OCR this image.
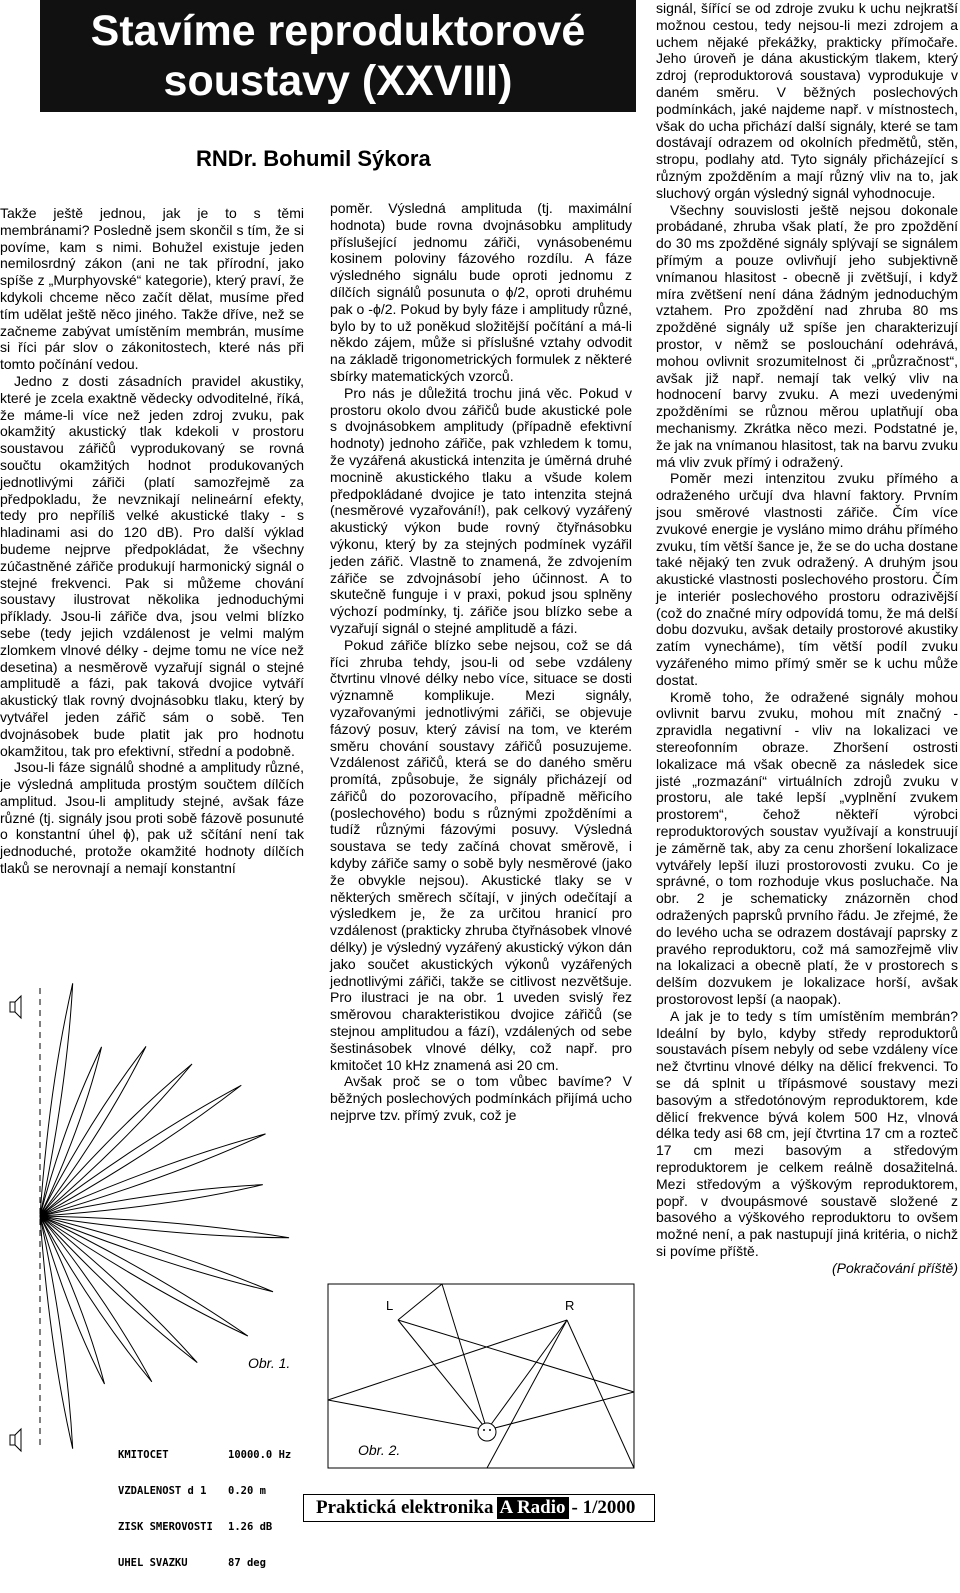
Stavíme reproduktorové
soustavy (XXVIII)
RNDr. Bohumil Sýkora

Takže ještě jednou, jak je to s těmi membránami? Posledně jsem skončil s tím, že si povíme, kam s nimi. Bohužel existuje jeden nemilosrdný zákon (ani ne tak přírodní, jako spíše z „Murphyovské“ kategorie), který praví, že kdykoli chceme něco začít dělat, musíme před tím udělat ještě něco jiného. Takže dříve, než se začneme zabývat umístěním membrán, musíme si říci pár slov o zákonitostech, které nás při tomto počínání vedou.

Jedno z dosti zásadních pravidel akustiky, které je zcela exaktně vědecky odvoditelné, říká, že máme-li více než jeden zdroj zvuku, pak okamžitý akustický tlak kdekoli v prostoru soustavou zářičů vyprodukovaný se rovná součtu okamžitých hodnot produkovaných jednotlivými zářiči (platí samozřejmě za předpokladu, že nevznikají nelineární efekty, tedy pro nepříliš velké akustické tlaky - s hladinami asi do 120 dB). Pro další výklad budeme nejprve předpokládat, že všechny zúčastněné zářiče produkují harmonický signál o stejné frekvenci. Pak si můžeme chování soustavy ilustrovat několika jednoduchými příklady. Jsou-li zářiče dva, jsou velmi blízko sebe (tedy jejich vzdálenost je velmi malým zlomkem vlnové délky - dejme tomu ne více než desetina) a nesměrově vyzařují signál o stejné amplitudě a fázi, pak taková dvojice vytváří akustický tlak rovný dvojnásobku tlaku, který by vytvářel jeden zářič sám o sobě. Ten dvojnásobek bude platit jak pro hodnotu okamžitou, tak pro efektivní, střední a podobně.

Jsou-li fáze signálů shodné a amplitudy různé, je výsledná amplituda prostým součtem dílčích amplitud. Jsou-li amplitudy stejné, avšak fáze různé (tj. signály jsou proti sobě fázově posunuté o konstantní úhel ϕ), pak už sčítání není tak jednoduché, protože okamžité hodnoty dílčích tlaků se nerovnají a nemají konstantní

poměr. Výsledná amplituda (tj. maximální hodnota) bude rovna dvojnásobku amplitudy příslušející jednomu zářiči, vynásobenému kosinem poloviny fázového rozdílu. A fáze výsledného signálu bude oproti jednomu z dílčích signálů posunuta o ϕ/2, oproti druhému pak o -ϕ/2. Pokud by byly fáze i amplitudy různé, bylo by to už poněkud složitější počítání a má-li někdo zájem, může si příslušné vztahy odvodit na základě trigonometrických formulek z některé sbírky matematických vzorců.

Pro nás je důležitá trochu jiná věc. Pokud v prostoru okolo dvou zářičů bude akustické pole s dvojnásobkem amplitudy (případně efektivní hodnoty) jednoho zářiče, pak vzhledem k tomu, že vyzářená akustická intenzita je úměrná druhé mocnině akustického tlaku a všude kolem předpokládané dvojice je tato intenzita stejná (nesměrové vyzařování!), pak celkový vyzářený akustický výkon bude rovný čtyřnásobku výkonu, který by za stejných podmínek vyzářil jeden zářič. Vlastně to znamená, že zdvojením zářiče se zdvojnásobí jeho účinnost. A to skutečně funguje i v praxi, pokud jsou splněny výchozí podmínky, tj. zářiče jsou blízko sebe a vyzařují signál o stejné amplitudě a fázi.

Pokud zářiče blízko sebe nejsou, což se dá říci zhruba tehdy, jsou-li od sebe vzdáleny čtvrtinu vlnové délky nebo více, situace se dosti významně komplikuje. Mezi signály, vyzařovanými jednotlivými zářiči, se objevuje fázový posuv, který závisí na tom, ve kterém směru chování soustavy zářičů posuzujeme. Vzdálenost zářičů, která se do daného směru promítá, způsobuje, že signály přicházejí od zářičů do pozorovacího, případně měřicího (poslechového) bodu s různými zpožděními a tudíž různými fázovými posuvy. Výsledná soustava se tedy začíná chovat směrově, i kdyby zářiče samy o sobě byly nesměrové (jako že obvykle nejsou). Akustické tlaky se v některých směrech sčítají, v jiných odečítají a výsledkem je, že za určitou hranicí pro vzdálenost (prakticky zhruba čtyřnásobek vlnové délky) je výsledný vyzářený akustický výkon dán jako součet akustických výkonů vyzářených jednotlivými zářiči, takže se citlivost nezvětšuje. Pro ilustraci je na obr. 1 uveden svislý řez směrovou charakteristikou dvojice zářičů (se stejnou amplitudou a fází), vzdálených od sebe šestinásobek vlnové délky, což např. pro kmitočet 10 kHz znamená asi 20 cm.

Avšak proč se o tom vůbec bavíme? V běžných poslechových podmínkách přijímá ucho nejprve tzv. přímý zvuk, což je

signál, šířící se od zdroje zvuku k uchu nejkratší možnou cestou, tedy nejsou-li mezi zdrojem a uchem nějaké překážky, prakticky přímočaře. Jeho úroveň je dána akustickým tlakem, který zdroj (reproduktorová soustava) vyprodukuje v daném směru. V běžných poslechových podmínkách, jaké najdeme např. v místnostech, však do ucha přichází další signály, které se tam dostávají odrazem od okolních předmětů, stěn, stropu, podlahy atd. Tyto signály přicházející s různým zpožděním a mají různý vliv na to, jak sluchový orgán výsledný signál vyhodnocuje.

Všechny souvislosti ještě nejsou dokonale probádané, zhruba však platí, že pro zpoždění do 30 ms zpožděné signály splývají se signálem přímým a pouze ovlivňují jeho subjektivně vnímanou hlasitost - obecně ji zvětšují, i když míra zvětšení není dána žádným jednoduchým vztahem. Pro zpoždění nad zhruba 80 ms zpožděné signály už spíše jen charakterizují prostor, v němž se poslouchání odehrává, mohou ovlivnit srozumitelnost či „průzračnost“, avšak již např. nemají tak velký vliv na hodnocení barvy zvuku. A mezi uvedenými zpožděními se různou měrou uplatňují oba mechanismy. Zkrátka něco mezi. Podstatné je, že jak na vnímanou hlasitost, tak na barvu zvuku má vliv zvuk přímý i odražený.

Poměr mezi intenzitou zvuku přímého a odraženého určují dva hlavní faktory. Prvním jsou směrové vlastnosti zářiče. Čím více zvukové energie je vysláno mimo dráhu přímého zvuku, tím větší šance je, že se do ucha dostane také nějaký ten zvuk odražený. A druhým jsou akustické vlastnosti poslechového prostoru. Čím je interiér poslechového prostoru odrazivější (což do značné míry odpovídá tomu, že má delší dobu dozvuku, avšak detaily prostorové akustiky zatím vynecháme), tím větší podíl zvuku vyzářeného mimo přímý směr se k uchu může dostat.

Kromě toho, že odražené signály mohou ovlivnit barvu zvuku, mohou mít značný - zpravidla negativní - vliv na lokalizaci ve stereofonním obraze. Zhoršení ostrosti lokalizace má však obecně za následek sice jisté „rozmazání“ virtuálních zdrojů zvuku v prostoru, ale také lepší „vyplnění zvukem prostorem“, čehož někteří výrobci reproduktorových soustav využívají a konstruují je záměrně tak, aby za cenu zhoršení lokalizace vytvářely lepší iluzi prostorovosti zvuku. Co je správné, o tom rozhoduje vkus posluchače. Na obr. 2 je schematicky znázorněn chod odražených paprsků prvního řádu. Je zřejmé, že do levého ucha se odrazem dostávají paprsky z pravého reproduktoru, což má samozřejmě vliv na lokalizaci a obecně platí, že v prostorech s delším dozvukem je lokalizace horší, avšak prostorovost lepší (a naopak).

A jak je to tedy s tím umístěním membrán? Ideální by bylo, kdyby středy reproduktorů soustavách písem nebyly od sebe vzdáleny více než čtvrtinu vlnové délky na dělicí frekvenci. To se dá splnit u třípásmové soustavy mezi basovým a středotónovým reproduktorem, kde dělicí frekvence bývá kolem 500 Hz, vlnová délka tedy asi 68 cm, její čtvrtina 17 cm a rozteč 17 cm mezi basovým a středovým reproduktorem je celkem reálně dosažitelná. Mezi středovým a výškovým reproduktorem, popř. v dvoupásmové soustavě složené z basového a výškového reproduktoru to ovšem možné není, a pak nastupují jiná kritéria, o nichž si povíme příště.

(Pokračování příště)

Obr. 1.

KMITOCET	10000.0 Hz

VZDALENOST d 1 0.20 m

ZISK SMEROVOSTI 1.26 dB

UHEL SVAZKU	87 deg

L	R
Obr. 2.
Praktická elektronika A Radio - 1/2000
